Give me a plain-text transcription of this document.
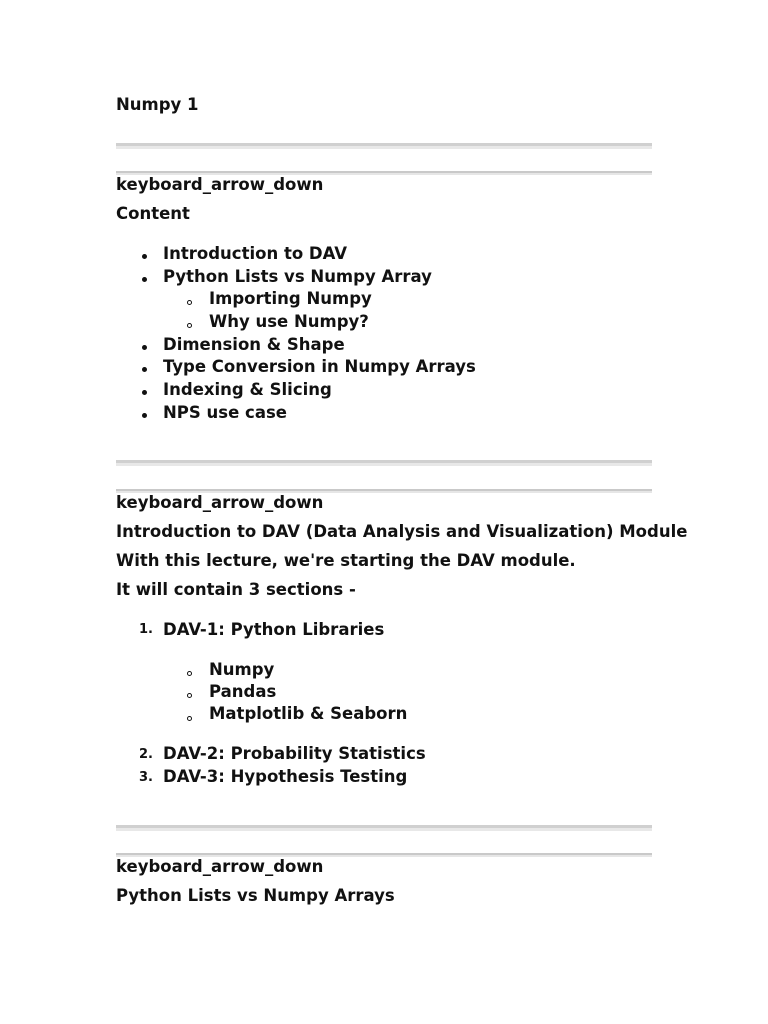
Numpy 1
keyboard_arrow_down
Content
Introduction to DAV
Python Lists vs Numpy Array
Importing Numpy
Why use Numpy?
Dimension & Shape
Type Conversion in Numpy Arrays
Indexing & Slicing
NPS use case
keyboard_arrow_down
Introduction to DAV (Data Analysis and Visualization) Module
With this lecture, we're starting the DAV module.
It will contain 3 sections -
1. DAV-1: Python Libraries
Numpy
Pandas
Matplotlib & Seaborn
2. DAV-2: Probability Statistics
3. DAV-3: Hypothesis Testing
keyboard_arrow_down
Python Lists vs Numpy Arrays
